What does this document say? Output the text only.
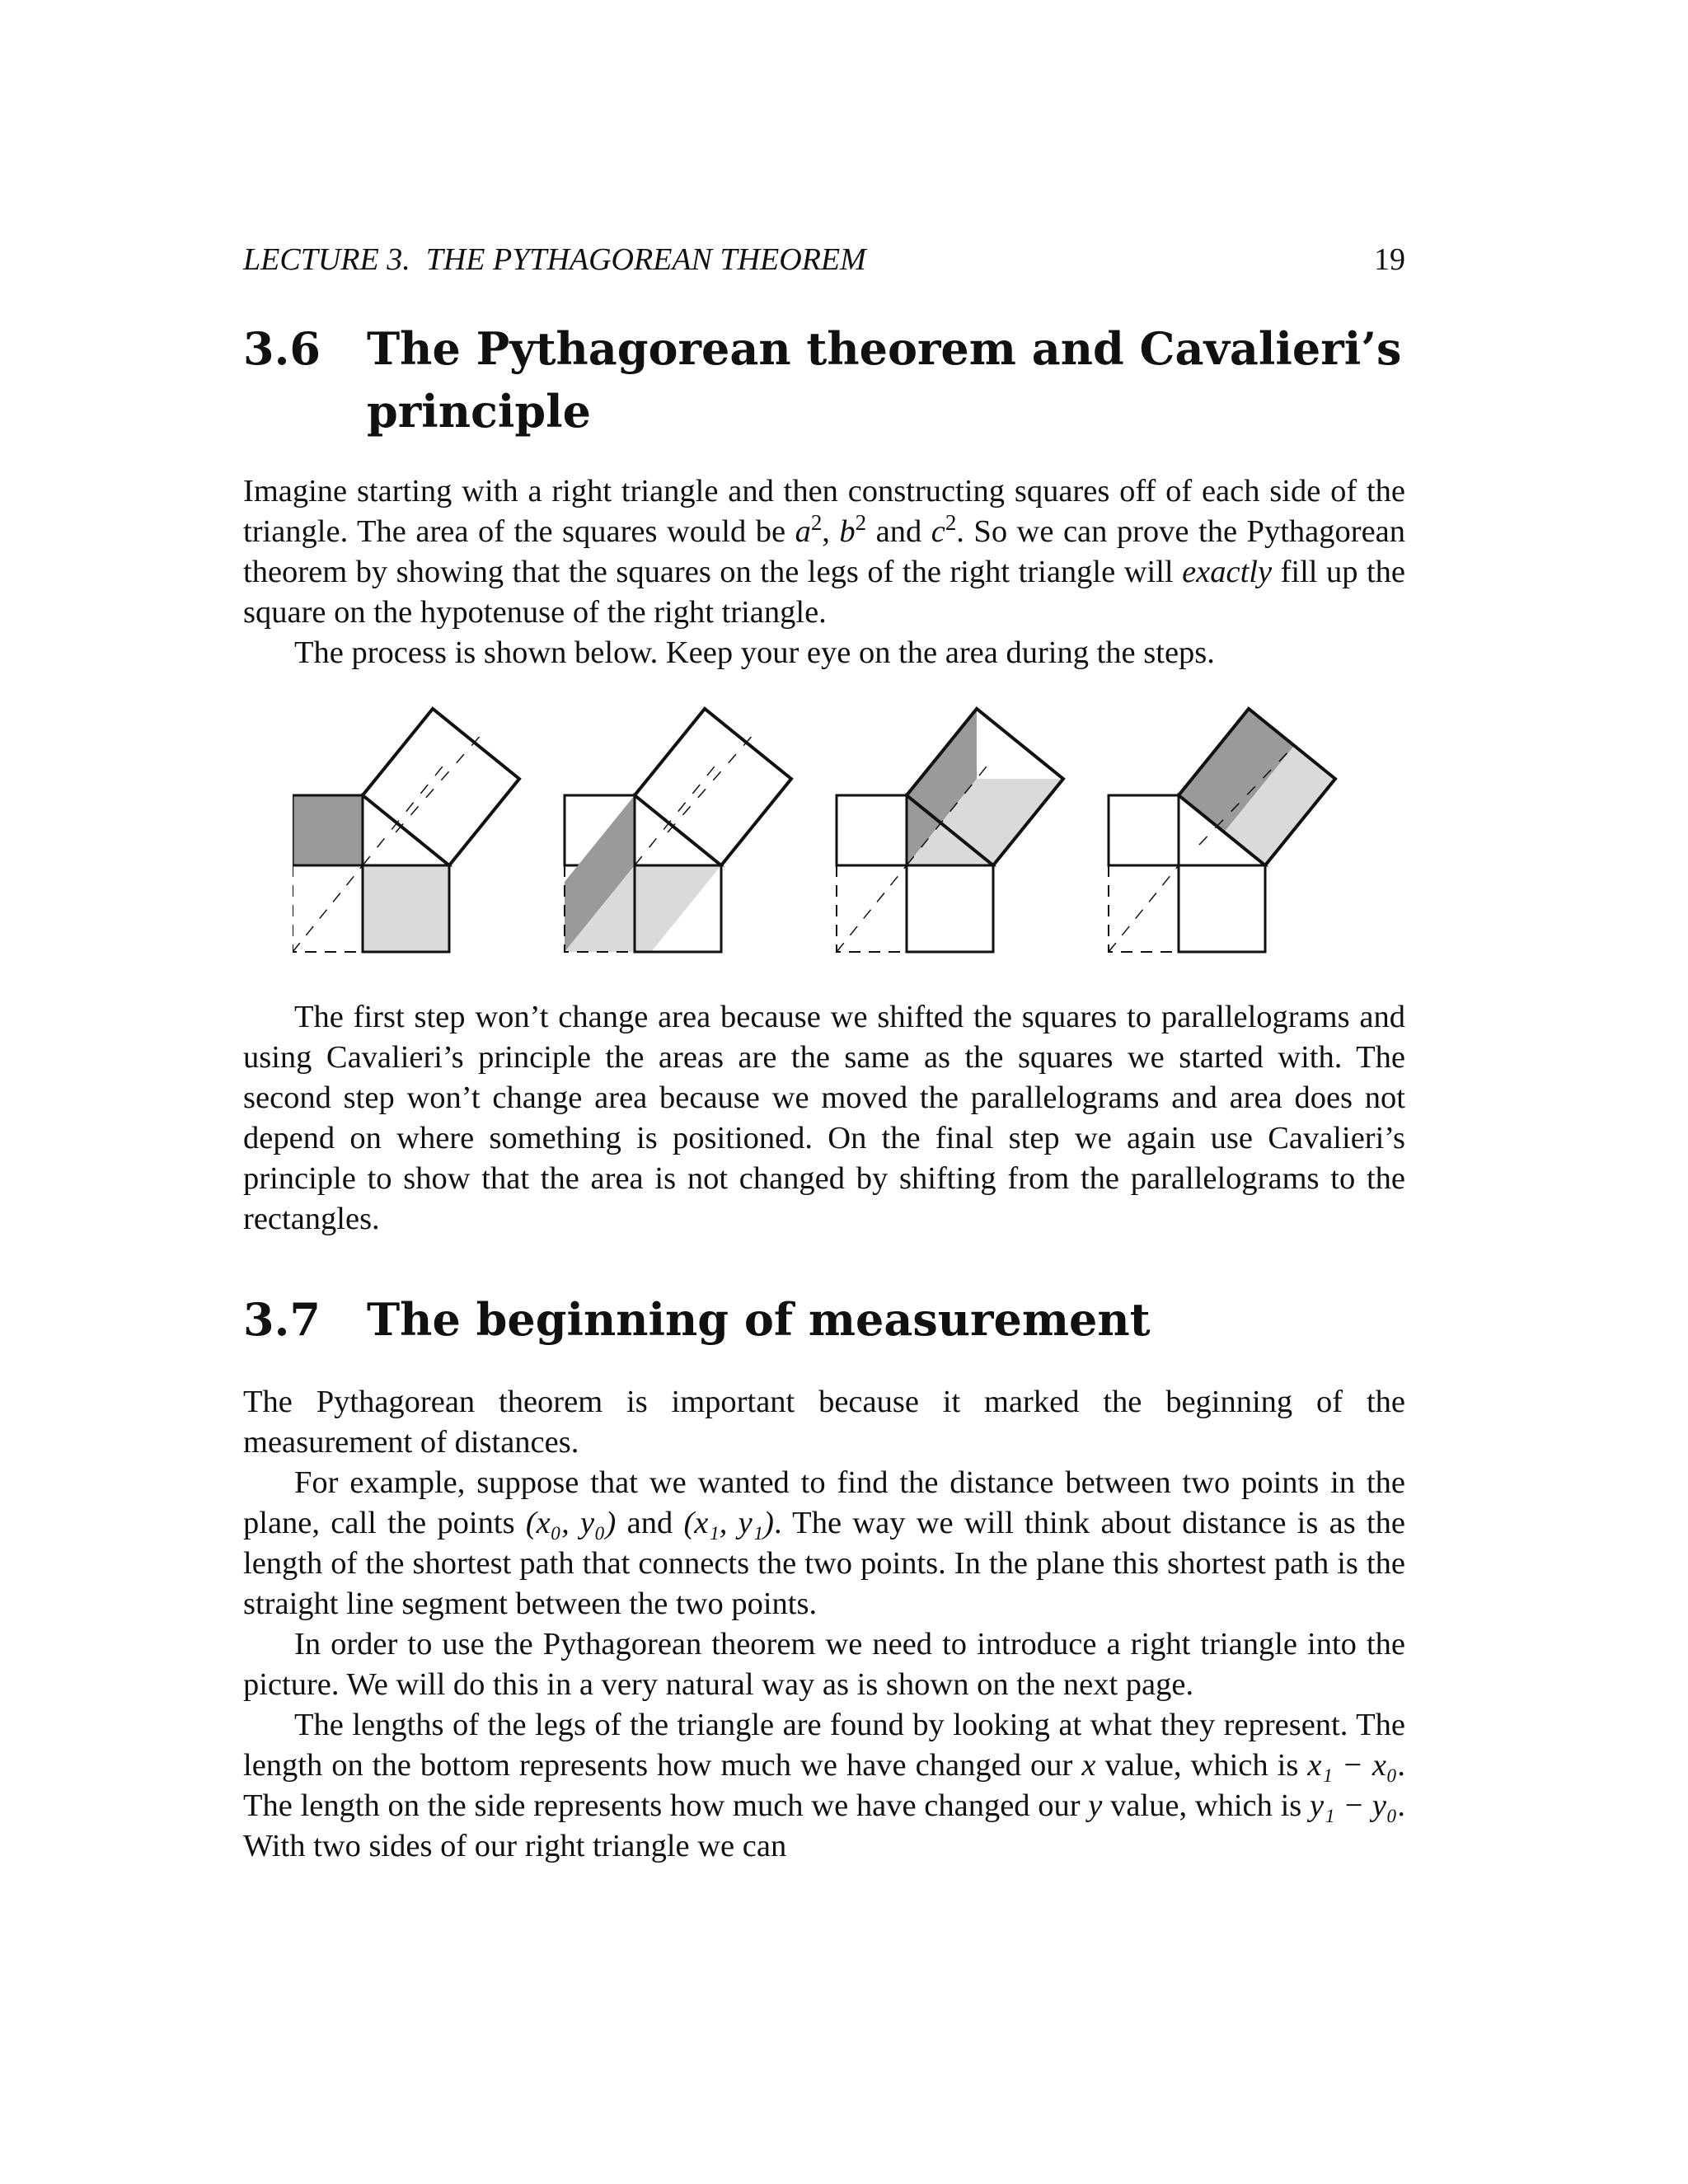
LECTURE 3.  THE PYTHAGOREAN THEOREM	19
3.6 The Pythagorean theorem and Cavalieri’s principle

Imagine starting with a right triangle and then constructing squares off of each side of the triangle. The area of the squares would be $a^2$, $b^2$ and $c^2$. So we can prove the Pythagorean theorem by showing that the squares on the legs of the right triangle will exactly fill up the square on the hypotenuse of the right triangle.

The process is shown below. Keep your eye on the area during the steps.

The first step won’t change area because we shifted the squares to parallelograms and using Cavalieri’s principle the areas are the same as the squares we started with. The second step won’t change area because we moved the parallelograms and area does not depend on where something is positioned. On the final step we again use Cavalieri’s principle to show that the area is not changed by shifting from the parallelograms to the rectangles.

3.7 The beginning of measurement

The Pythagorean theorem is important because it marked the beginning of the measurement of distances.

For example, suppose that we wanted to find the distance between two points in the plane, call the points (x₀, y₀) and (x₁, y₁). The way we will think about distance is as the length of the shortest path that connects the two points. In the plane this shortest path is the straight line segment between the two points.

In order to use the Pythagorean theorem we need to introduce a right triangle into the picture. We will do this in a very natural way as is shown on the next page.

The lengths of the legs of the triangle are found by looking at what they represent. The length on the bottom represents how much we have changed our x value, which is x₁ − x₀. The length on the side represents how much we have changed our y value, which is y₁ − y₀. With two sides of our right triangle we can
